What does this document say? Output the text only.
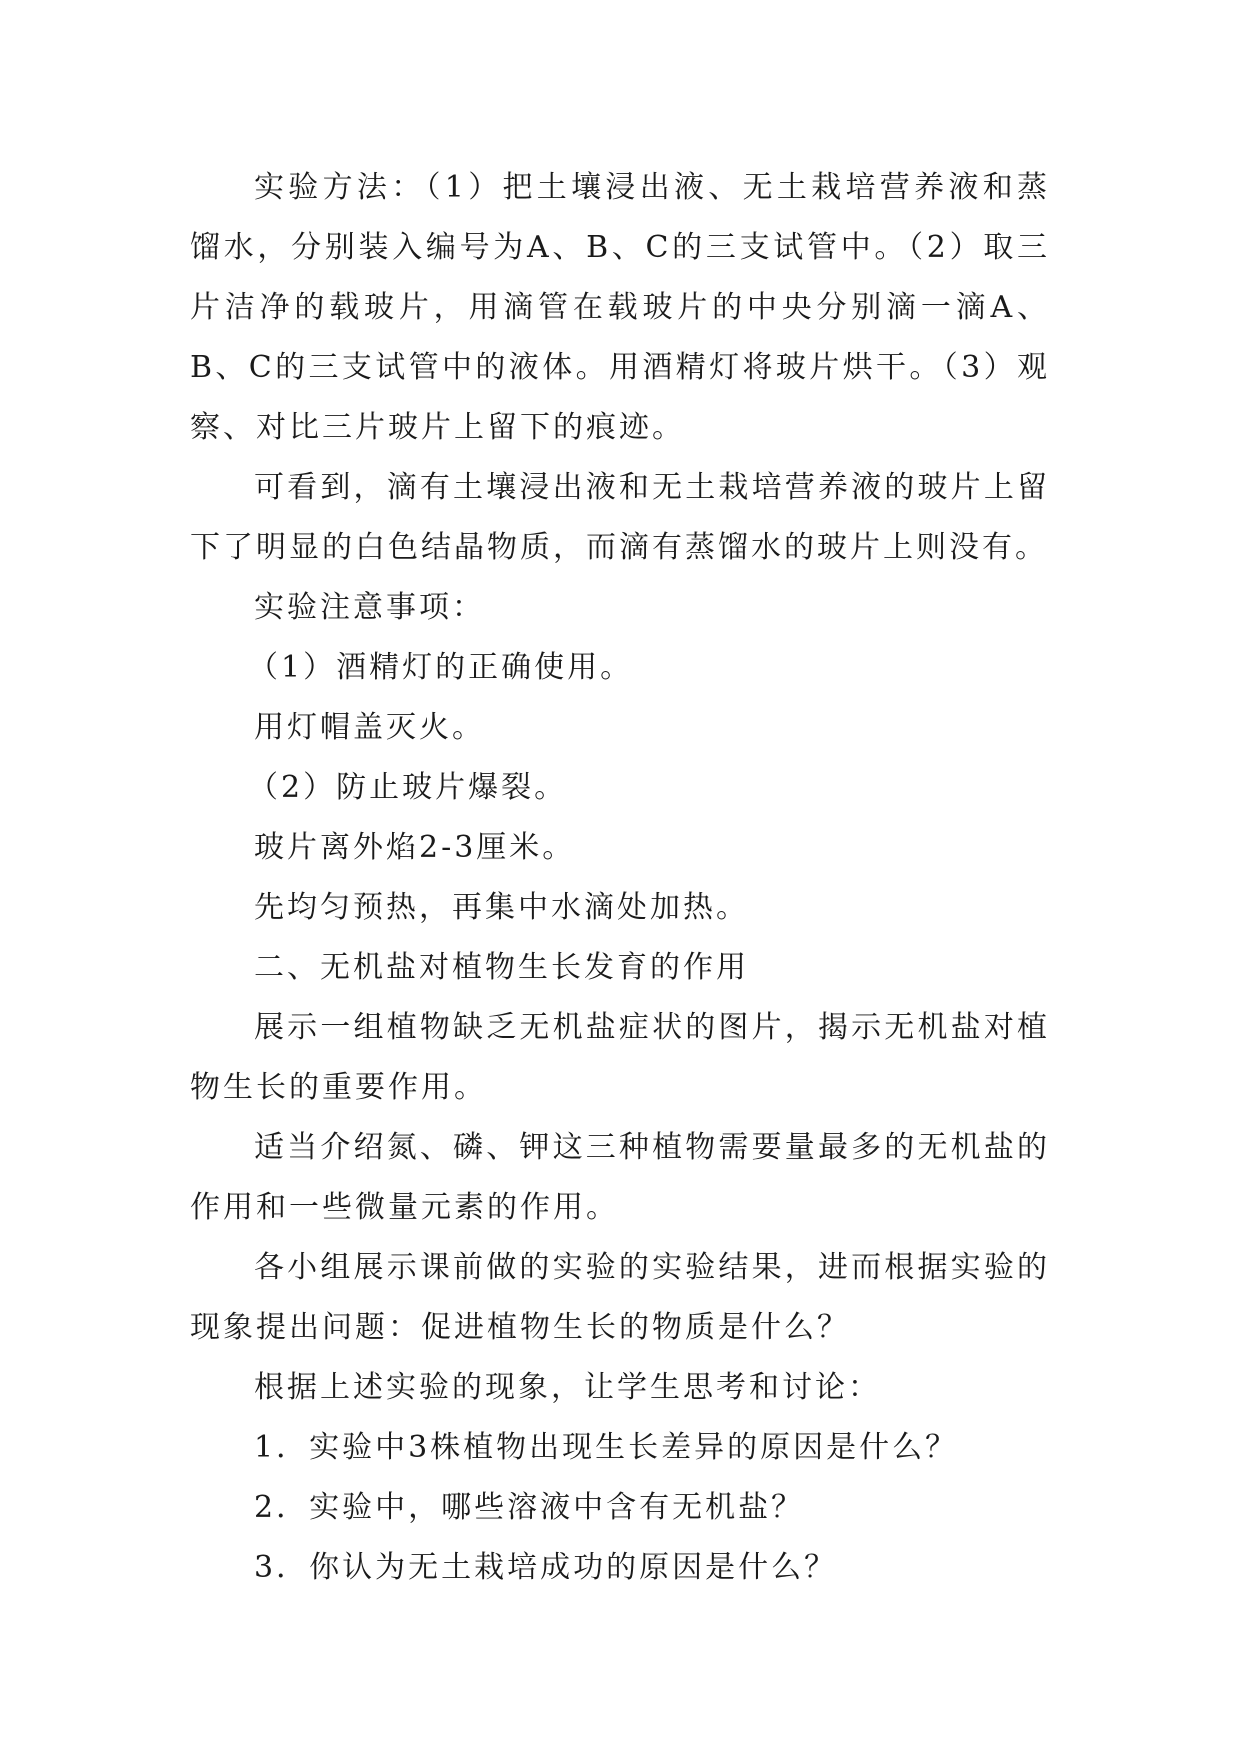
实验方法：（1）把土壤浸出液、无土栽培营养液和蒸馏水，分别装入编号为A、B、C的三支试管中。（2）取三片洁净的载玻片，用滴管在载玻片的中央分别滴一滴A、B、C的三支试管中的液体。用酒精灯将玻片烘干。（3）观察、对比三片玻片上留下的痕迹。

可看到，滴有土壤浸出液和无土栽培营养液的玻片上留下了明显的白色结晶物质，而滴有蒸馏水的玻片上则没有。

实验注意事项：

（1）酒精灯的正确使用。

用灯帽盖灭火。

（2）防止玻片爆裂。

玻片离外焰2-3厘米。

先均匀预热，再集中水滴处加热。

二、无机盐对植物生长发育的作用

展示一组植物缺乏无机盐症状的图片，揭示无机盐对植物生长的重要作用。

适当介绍氮、磷、钾这三种植物需要量最多的无机盐的作用和一些微量元素的作用。

各小组展示课前做的实验的实验结果，进而根据实验的现象提出问题：促进植物生长的物质是什么？

根据上述实验的现象，让学生思考和讨论：

1．实验中3株植物出现生长差异的原因是什么？

2．实验中，哪些溶液中含有无机盐？

3．你认为无土栽培成功的原因是什么？
